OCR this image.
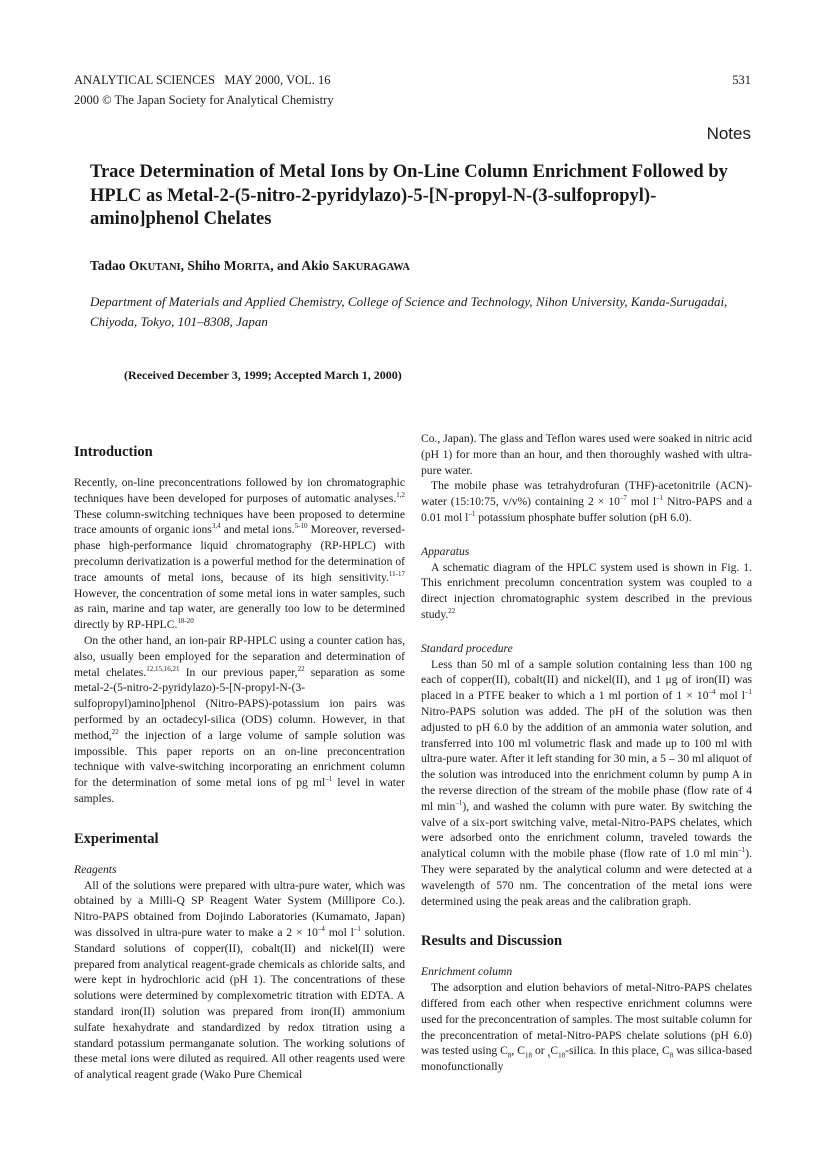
ANALYTICAL SCIENCES   MAY 2000, VOL. 16
2000 © The Japan Society for Analytical Chemistry
531
Notes
Trace Determination of Metal Ions by On-Line Column Enrichment Followed by HPLC as Metal-2-(5-nitro-2-pyridylazo)-5-[N-propyl-N-(3-sulfopropyl)-amino]phenol Chelates
Tadao OKUTANI, Shiho MORITA, and Akio SAKURAGAWA
Department of Materials and Applied Chemistry, College of Science and Technology, Nihon University, Kanda-Surugadai, Chiyoda, Tokyo, 101–8308, Japan
(Received December 3, 1999; Accepted March 1, 2000)
Introduction

Recently, on-line preconcentrations followed by ion chromatographic techniques have been developed for purposes of automatic analyses.$^{1,2}$ These column-switching techniques have been proposed to determine trace amounts of organic ions$^{3,4}$ and metal ions.$^{5-10}$ Moreover, reversed-phase high-performance liquid chromatography (RP-HPLC) with precolumn derivatization is a powerful method for the determination of trace amounts of metal ions, because of its high sensitivity.$^{11-17}$ However, the concentration of some metal ions in water samples, such as rain, marine and tap water, are generally too low to be determined directly by RP-HPLC.$^{18-20}$

On the other hand, an ion-pair RP-HPLC using a counter cation has, also, usually been employed for the separation and determination of metal chelates.$^{12,15,16,21}$ In our previous paper,$^{22}$ separation as some metal-2-(5-nitro-2-pyridylazo)-5-[N-propyl-N-(3-sulfopropyl)amino]phenol (Nitro-PAPS)-potassium ion pairs was performed by an octadecyl-silica (ODS) column. However, in that method,$^{22}$ the injection of a large volume of sample solution was impossible. This paper reports on an on-line preconcentration technique with valve-switching incorporating an enrichment column for the determination of some metal ions of pg $ml^{-1}$ level in water samples.

Experimental

Reagents

All of the solutions were prepared with ultra-pure water, which was obtained by a Milli-Q SP Reagent Water System (Millipore Co.). Nitro-PAPS obtained from Dojindo Laboratories (Kumamato, Japan) was dissolved in ultra-pure water to make a $2 \times 10^{-4}$ mol $l^{-1}$ solution. Standard solutions of copper(II), cobalt(II) and nickel(II) were prepared from analytical reagent-grade chemicals as chloride salts, and were kept in hydrochloric acid (pH 1). The concentrations of these solutions were determined by complexometric titration with EDTA. A standard iron(II) solution was prepared from iron(II) ammonium sulfate hexahydrate and standardized by redox titration using a standard potassium permanganate solution. The working solutions of these metal ions were diluted as required. All other reagents used were of analytical reagent grade (Wako Pure Chemical

Co., Japan). The glass and Teflon wares used were soaked in nitric acid (pH 1) for more than an hour, and then thoroughly washed with ultra-pure water.

The mobile phase was tetrahydrofuran (THF)-acetonitrile (ACN)-water (15:10:75, v/v%) containing $2 \times 10^{-7}$ mol $l^{-1}$ Nitro-PAPS and a 0.01 mol $l^{-1}$ potassium phosphate buffer solution (pH 6.0).

Apparatus

A schematic diagram of the HPLC system used is shown in Fig. 1. This enrichment precolumn concentration system was coupled to a direct injection chromatographic system described in the previous study.$^{22}$

Standard procedure

Less than 50 ml of a sample solution containing less than 100 ng each of copper(II), cobalt(II) and nickel(II), and 1 μg of iron(II) was placed in a PTFE beaker to which a 1 ml portion of $1 \times 10^{-4}$ mol $l^{-1}$ Nitro-PAPS solution was added. The pH of the solution was then adjusted to pH 6.0 by the addition of an ammonia water solution, and transferred into 100 ml volumetric flask and made up to 100 ml with ultra-pure water. After it left standing for 30 min, a 5 – 30 ml aliquot of the solution was introduced into the enrichment column by pump A in the reverse direction of the stream of the mobile phase (flow rate of 4 ml $\min^{-1}$), and washed the column with pure water. By switching the valve of a six-port switching valve, metal-Nitro-PAPS chelates, which were adsorbed onto the enrichment column, traveled towards the analytical column with the mobile phase (flow rate of 1.0 ml $\min^{-1}$). They were separated by the analytical column and were detected at a wavelength of 570 nm. The concentration of the metal ions were determined using the peak areas and the calibration graph.

Results and Discussion

Enrichment column

The adsorption and elution behaviors of metal-Nitro-PAPS chelates differed from each other when respective enrichment columns were used for the preconcentration of samples. The most suitable column for the preconcentration of metal-Nitro-PAPS chelate solutions (pH 6.0) was tested using $C_8$, $C_{18}$ or $_sC_{18}$-silica. In this place, $C_8$ was silica-based monofunctionally
